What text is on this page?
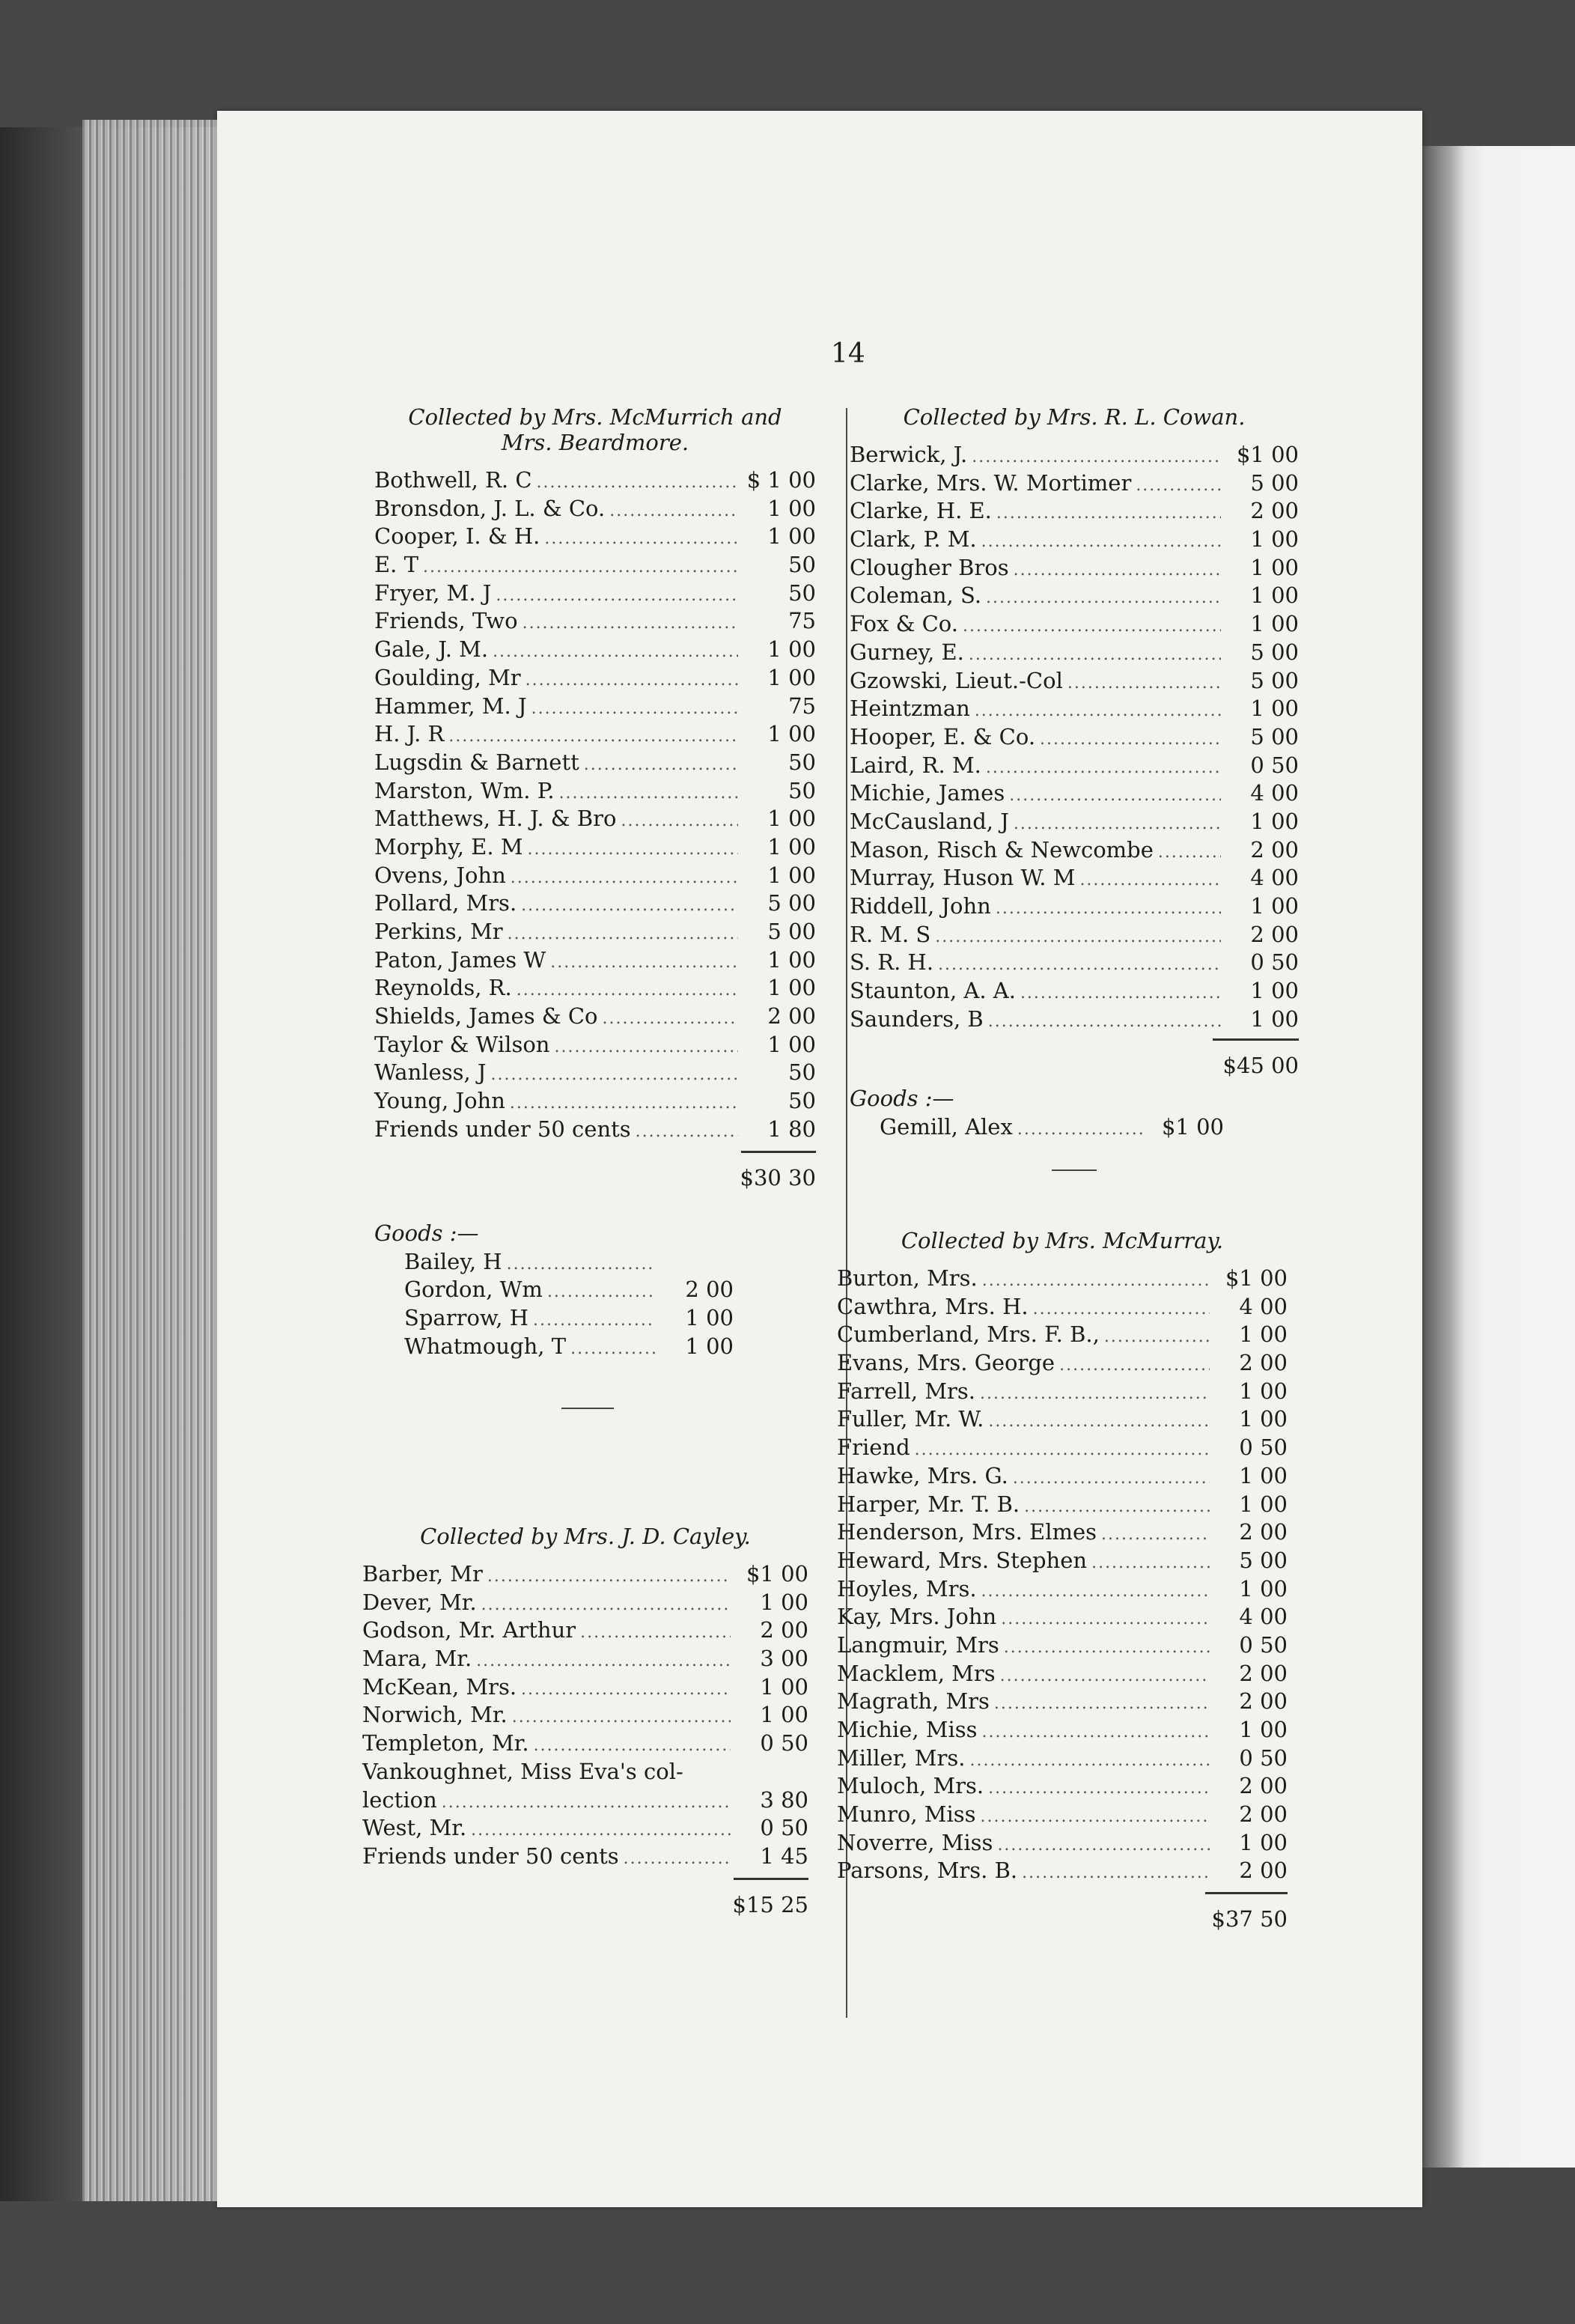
14
Collected by Mrs. McMurrich and Mrs. Beardmore.
Bothwell, R. C .....	$ 1 00
Bronsdon, J. L. & Co. .....	1 00
Cooper, I. & H. .....	1 00
E. T .....	50
Fryer, M. J .....	50
Friends, Two .....	75
Gale, J. M. .....	1 00
Goulding, Mr .....	1 00
Hammer, M. J .....	75
H. J. R .....	1 00
Lugsdin & Barnett .....	50
Marston, Wm. P. .....	50
Matthews, H. J. & Bro .....	1 00
Morphy, E. M .....	1 00
Ovens, John .....	1 00
Pollard, Mrs. .....	5 00
Perkins, Mr .....	5 00
Paton, James W .....	1 00
Reynolds, R. .....	1 00
Shields, James & Co .....	2 00
Taylor & Wilson .....	1 00
Wanless, J .....	50
Young, John .....	50
Friends under 50 cents .....	1 80
$30 30
Goods :—
Bailey, H
.....
Gordon, Wm .....	2 00
Sparrow, H .....	1 00
Whatmough, T .....	1 00
Collected by Mrs. J. D. Cayley.
Barber, Mr .....	$1 00
Dever, Mr. .....	1 00
Godson, Mr. Arthur .....	2 00
Mara, Mr. .....	3 00
McKean, Mrs. .....	1 00
Norwich, Mr. .....	1 00
Templeton, Mr. .....	0 50
Vankoughnet, Miss Eva's col-
lection .....	3 80
West, Mr. .....	0 50
Friends under 50 cents .....	1 45
$15 25
Collected by Mrs. R. L. Cowan.
Berwick, J. .....	$1 00
Clarke, Mrs. W. Mortimer .....	5 00
Clarke, H. E. .....	2 00
Clark, P. M. .....	1 00
Clougher Bros .....	1 00
Coleman, S. .....	1 00
Fox & Co. .....	1 00
Gurney, E. .....	5 00
Gzowski, Lieut.-Col .....	5 00
Heintzman .....	1 00
Hooper, E. & Co. .....	5 00
Laird, R. M. .....	0 50
Michie, James .....	4 00
McCausland, J .....	1 00
Mason, Risch & Newcombe .....	2 00
Murray, Huson W. M .....	4 00
Riddell, John .....	1 00
R. M. S .....	2 00
S. R. H. .....	0 50
Staunton, A. A. .....	1 00
Saunders, B .....	1 00
$45 00
Goods :—
Gemill, Alex .....	$1 00
Collected by Mrs. McMurray.
Burton, Mrs. .....	$1 00
Cawthra, Mrs. H. .....	4 00
Cumberland, Mrs. F. B., .....	1 00
Evans, Mrs. George .....	2 00
Farrell, Mrs. .....	1 00
Fuller, Mr. W. .....	1 00
Friend .....	0 50
Hawke, Mrs. G. .....	1 00
Harper, Mr. T. B. .....	1 00
Henderson, Mrs. Elmes .....	2 00
Heward, Mrs. Stephen .....	5 00
Hoyles, Mrs. .....	1 00
Kay, Mrs. John .....	4 00
Langmuir, Mrs .....	0 50
Macklem, Mrs .....	2 00
Magrath, Mrs .....	2 00
Michie, Miss .....	1 00
Miller, Mrs. .....	0 50
Muloch, Mrs. .....	2 00
Munro, Miss .....	2 00
Noverre, Miss .....	1 00
Parsons, Mrs. B. .....	2 00
$37 50
